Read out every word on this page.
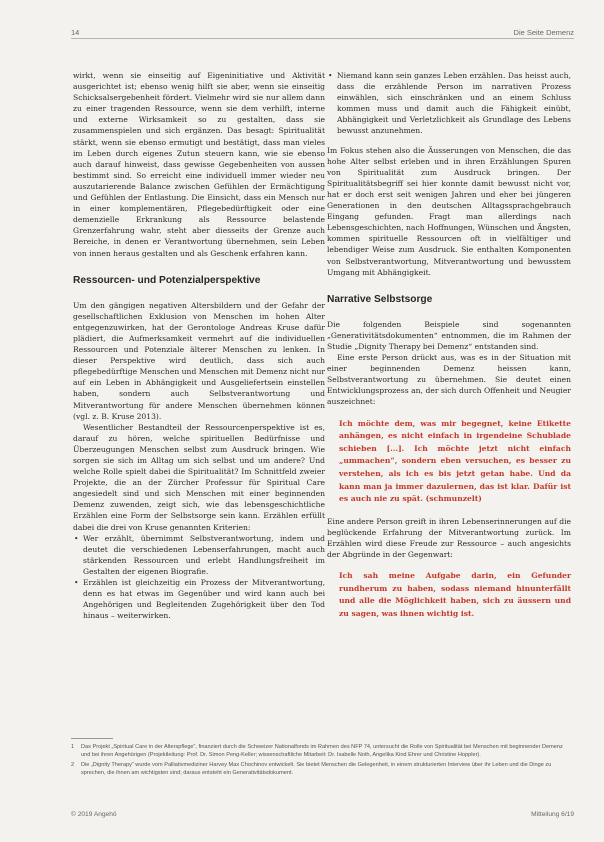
14	Die Seite Demenz

wirkt, wenn sie einseitig auf Eigeninitiative und Aktivität ausgerichtet ist; ebenso wenig hilft sie aber, wenn sie einseitig Schicksalsergebenheit fördert. Vielmehr wird sie nur allem dann zu einer tragenden Ressource, wenn sie dem verhilft, interne und externe Wirksamkeit so zu gestalten, dass sie zusammenspielen und sich ergänzen. Das besagt: Spiritualität stärkt, wenn sie ebenso ermutigt und bestätigt, dass man vieles im Leben durch eigenes Zutun steuern kann, wie sie ebenso auch darauf hinweist, dass gewisse Gegebenheiten von aussen bestimmt sind. So erreicht eine individuell immer wieder neu auszutarierende Balance zwischen Gefühlen der Ermächtigung und Gefühlen der Entlastung. Die Einsicht, dass ein Mensch nur in einer komplementären, Pflegebedürftigkeit oder eine demenzielle Erkrankung als Ressource belastende Grenzerfahrung wahr, steht aber diesseits der Grenze auch Bereiche, in denen er Verantwortung übernehmen, sein Leben von innen heraus gestalten und als Geschenk erfahren kann.

Ressourcen- und Potenzialperspektive

Um den gängigen negativen Altersbildern und der Gefahr der gesellschaftlichen Exklusion von Menschen im hohen Alter entgegenzuwirken, hat der Gerontologe Andreas Kruse dafür plädiert, die Aufmerksamkeit vermehrt auf die individuellen Ressourcen und Potenziale älterer Menschen zu lenken. In dieser Perspektive wird deutlich, dass sich auch pflegebedürftige Menschen und Menschen mit Demenz nicht nur auf ein Leben in Abhängigkeit und Ausgeliefertsein einstellen haben, sondern auch Selbstverantwortung und Mitverantwortung für andere Menschen übernehmen können (vgl. z. B. Kruse 2013).

Wesentlicher Bestandteil der Ressourcenperspektive ist es, darauf zu hören, welche spirituellen Bedürfnisse und Überzeugungen Menschen selbst zum Ausdruck bringen. Wie sorgen sie sich im Alltag um sich selbst und um andere? Und welche Rolle spielt dabei die Spiritualität? Im Schnittfeld zweier Projekte, die an der Zürcher Professur für Spiritual Care angesiedelt sind und sich Menschen mit einer beginnenden Demenz zuwenden, zeigt sich, wie das lebensgeschichtliche Erzählen eine Form der Selbstsorge sein kann. Erzählen erfüllt dabei die drei von Kruse genannten Kriterien:

• Wer erzählt, übernimmt Selbstverantwortung, indem und deutet die verschiedenen Lebenserfahrungen, macht auch stärkenden Ressourcen und erlebt Handlungsfreiheit im Gestalten der eigenen Biografie.
• Erzählen ist gleichzeitig ein Prozess der Mitverantwortung, denn es hat etwas im Gegenüber und wird kann auch bei Angehörigen und Begleitenden Zugehörigkeit über den Tod hinaus – weiterwirken.
• Niemand kann sein ganzes Leben erzählen. Das heisst auch, dass die erzählende Person im narrativen Prozess einwählen, sich einschränken und an einem Schluss kommen muss und damit auch die Fähigkeit einübt, Abhängigkeit und Verletzlichkeit als Grundlage des Lebens bewusst anzunehmen.

Im Fokus stehen also die Äusserungen von Menschen, die das hohe Alter selbst erleben und in ihren Erzählungen Spuren von Spiritualität zum Ausdruck bringen. Der Spiritualitätsbegriff sei hier konnte damit bewusst nicht vor, hat er doch erst seit wenigen Jahren und eher bei jüngeren Generationen in den deutschen Alltagssprachgebrauch Eingang gefunden. Fragt man allerdings nach Lebensgeschichten, nach Hoffnungen, Wünschen und Ängsten, kommen spirituelle Ressourcen oft in vielfältiger und lebendiger Weise zum Ausdruck. Sie enthalten Komponenten von Selbstverantwortung, Mitverantwortung und bewusstem Umgang mit Abhängigkeit.

Narrative Selbstsorge

Die folgenden Beispiele sind sogenannten „Generativitätsdokumenten“ entnommen, die im Rahmen der Studie „Dignity Therapy bei Demenz“ entstanden sind.

Eine erste Person drückt aus, was es in der Situation mit einer beginnenden Demenz heissen kann, Selbstverantwortung zu übernehmen. Sie deutet einen Entwicklungsprozess an, der sich durch Offenheit und Neugier auszeichnet:

Ich möchte dem, was mir begegnet, keine Etikette anhängen, es nicht einfach in irgendeine Schublade schieben [...]. Ich möchte jetzt nicht einfach „ummachen“, sondern eben versuchen, es besser zu verstehen, als ich es bis jetzt getan habe. Und da kann man ja immer dazulernen, das ist klar. Dafür ist es auch nie zu spät. (schmunzelt)

Eine andere Person greift in ihren Lebenserinnerungen auf die beglückende Erfahrung der Mitverantwortung zurück. Im Erzählen wird diese Freude zur Ressource – auch angesichts der Abgründe in der Gegenwart:

Ich sah meine Aufgabe darin, ein Gefunder rundherum zu haben, sodass niemand hinunterfällt und alle die Möglichkeit haben, sich zu äussern und zu sagen, was ihnen wichtig ist.

1 Das Projekt „Spiritual Care in der Alterspflege“, finanziert durch die Schweizer Nationalfonds im Rahmen des NFP 74, untersucht die Rolle von Spiritualität bei Menschen mit beginnender Demenz und bei ihren Angehörigen (Projektleitung: Prof. Dr. Simon Peng-Keller; wissenschaftliche Mitarbeit: Dr. Isabelle Noth, Angelika Kind Ehrer und Christine Hoppler).

2 Die „Dignity Therapy“ wurde vom Palliativmediziner Harvey Max Chochinov entwickelt. Sie bietet Menschen die Gelegenheit, in einem strukturierten Interview über ihr Leben und die Dinge zu sprechen, die ihnen am wichtigsten sind; daraus entsteht ein Generativitätsdokument.

© 2019 Angehö	Mitteilung 6/19
